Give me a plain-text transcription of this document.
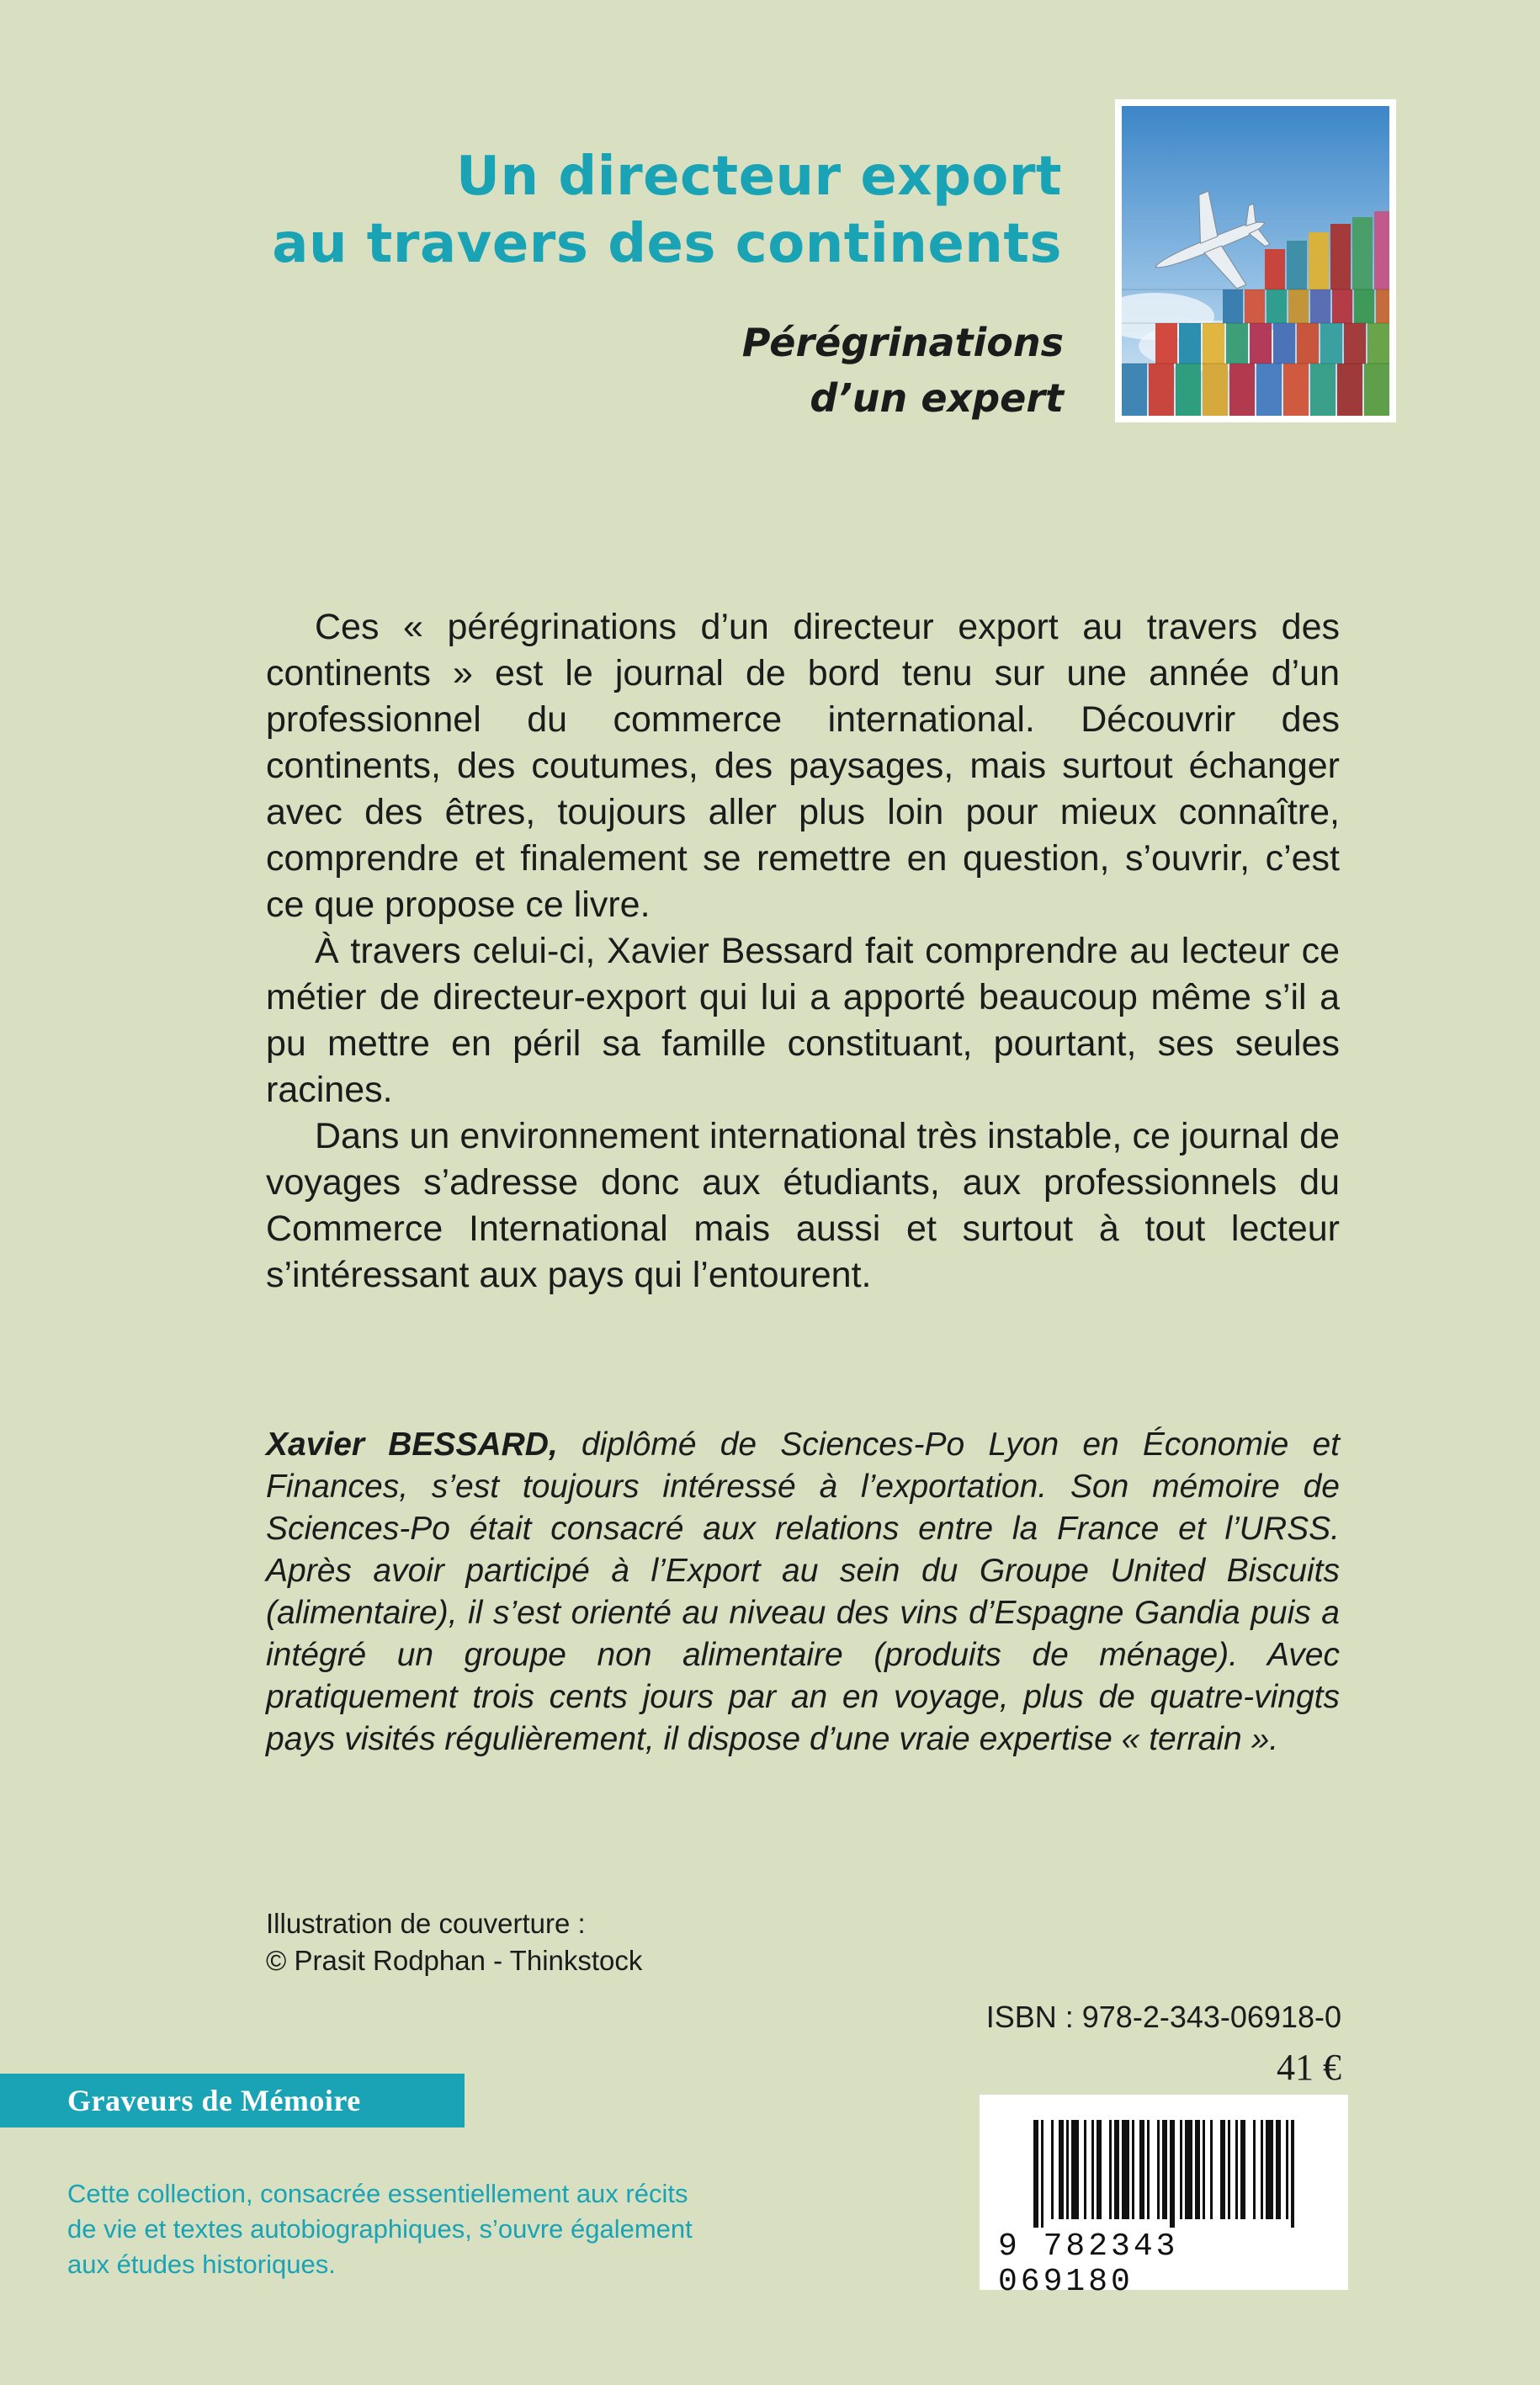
Un directeur export
au travers des continents
Pérégrinations
d’un expert

Ces « pérégrinations d’un directeur export au travers des continents » est le journal de bord tenu sur une année d’un professionnel du commerce international. Découvrir des continents, des coutumes, des paysages, mais surtout échanger avec des êtres, toujours aller plus loin pour mieux connaître, comprendre et finalement se remettre en question, s’ouvrir, c’est ce que propose ce livre.

À travers celui-ci, Xavier Bessard fait comprendre au lecteur ce métier de directeur-export qui lui a apporté beaucoup même s’il a pu mettre en péril sa famille constituant, pourtant, ses seules racines.

Dans un environnement international très instable, ce journal de voyages s’adresse donc aux étudiants, aux professionnels du Commerce International mais aussi et surtout à tout lecteur s’intéressant aux pays qui l’entourent.

Xavier BESSARD, diplômé de Sciences-Po Lyon en Économie et Finances, s’est toujours intéressé à l’exportation. Son mémoire de Sciences-Po était consacré aux relations entre la France et l’URSS. Après avoir participé à l’Export au sein du Groupe United Biscuits (alimentaire), il s’est orienté au niveau des vins d’Espagne Gandia puis a intégré un groupe non alimentaire (produits de ménage). Avec pratiquement trois cents jours par an en voyage, plus de quatre-vingts pays visités régulièrement, il dispose d’une vraie expertise « terrain ».
Illustration de couverture :
© Prasit Rodphan - Thinkstock
ISBN : 978-2-343-06918-0
41 €
Graveurs de Mémoire
Cette collection, consacrée essentiellement aux récits de vie et textes autobiographiques, s’ouvre également aux études historiques.	9 782343 069180
